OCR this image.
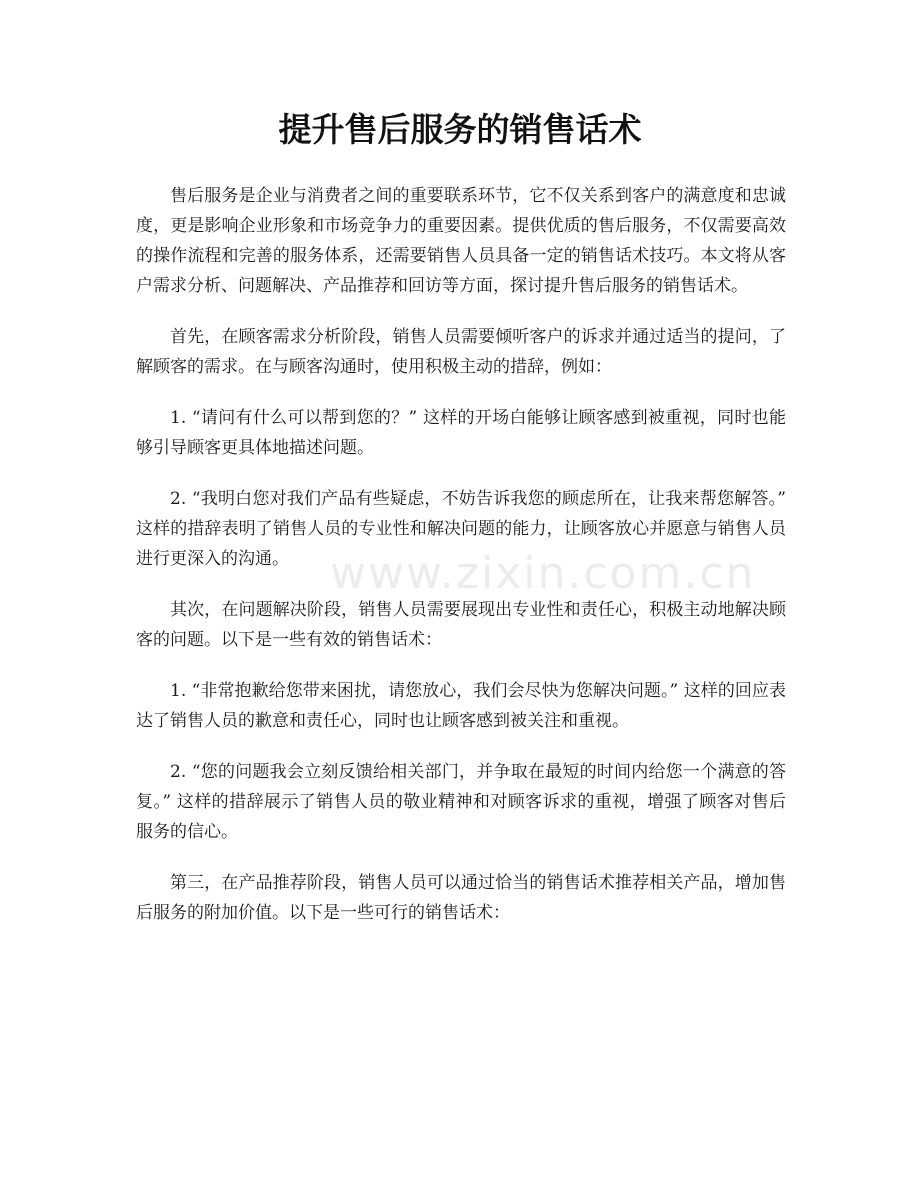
提升售后服务的销售话术

售后服务是企业与消费者之间的重要联系环节，它不仅关系到客户的满意度和忠诚度，更是影响企业形象和市场竞争力的重要因素。提供优质的售后服务，不仅需要高效的操作流程和完善的服务体系，还需要销售人员具备一定的销售话术技巧。本文将从客户需求分析、问题解决、产品推荐和回访等方面，探讨提升售后服务的销售话术。

首先，在顾客需求分析阶段，销售人员需要倾听客户的诉求并通过适当的提问，了解顾客的需求。在与顾客沟通时，使用积极主动的措辞，例如：

1. “请问有什么可以帮到您的？” 这样的开场白能够让顾客感到被重视，同时也能够引导顾客更具体地描述问题。

2. “我明白您对我们产品有些疑虑，不妨告诉我您的顾虑所在，让我来帮您解答。” 这样的措辞表明了销售人员的专业性和解决问题的能力，让顾客放心并愿意与销售人员进行更深入的沟通。

其次，在问题解决阶段，销售人员需要展现出专业性和责任心，积极主动地解决顾客的问题。以下是一些有效的销售话术：

1. “非常抱歉给您带来困扰，请您放心，我们会尽快为您解决问题。” 这样的回应表达了销售人员的歉意和责任心，同时也让顾客感到被关注和重视。

2. “您的问题我会立刻反馈给相关部门，并争取在最短的时间内给您一个满意的答复。” 这样的措辞展示了销售人员的敬业精神和对顾客诉求的重视，增强了顾客对售后服务的信心。

第三，在产品推荐阶段，销售人员可以通过恰当的销售话术推荐相关产品，增加售后服务的附加价值。以下是一些可行的销售话术：

www.zixin.com.cn
